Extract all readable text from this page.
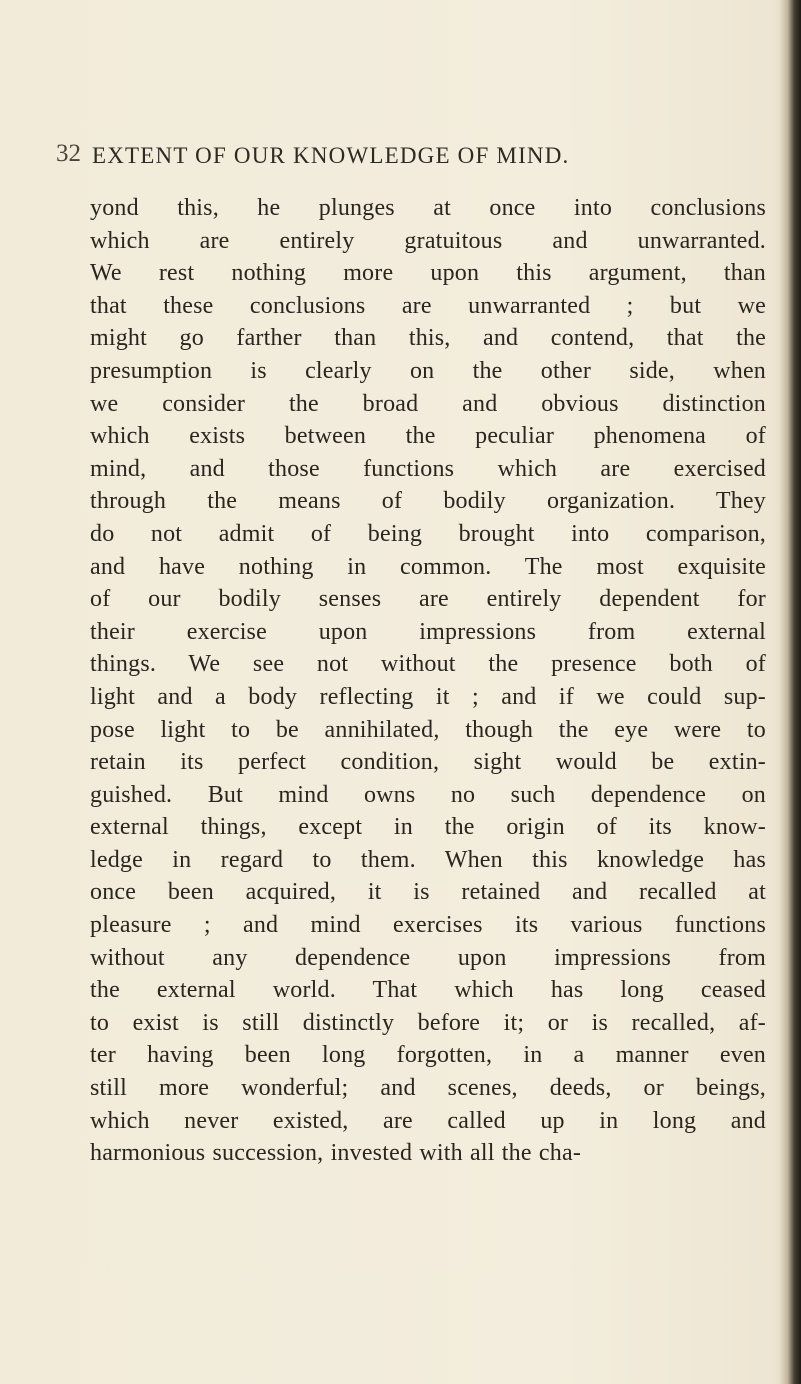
32 EXTENT OF OUR KNOWLEDGE OF MIND.
yond this, he plunges at once into conclusions
which are entirely gratuitous and unwarranted.
We rest nothing more upon this argument, than
that these conclusions are unwarranted ; but we
might go farther than this, and contend, that the
presumption is clearly on the other side, when
we consider the broad and obvious distinction
which exists between the peculiar phenomena of
mind, and those functions which are exercised
through the means of bodily organization. They
do not admit of being brought into comparison,
and have nothing in common. The most exquisite
of our bodily senses are entirely dependent for
their exercise upon impressions from external
things. We see not without the presence both of
light and a body reflecting it ; and if we could sup-
pose light to be annihilated, though the eye were to
retain its perfect condition, sight would be extin-
guished. But mind owns no such dependence on
external things, except in the origin of its know-
ledge in regard to them. When this knowledge has
once been acquired, it is retained and recalled at
pleasure ; and mind exercises its various functions
without any dependence upon impressions from
the external world. That which has long ceased
to exist is still distinctly before it; or is recalled, af-
ter having been long forgotten, in a manner even
still more wonderful; and scenes, deeds, or beings,
which never existed, are called up in long and
harmonious succession, invested with all the cha-
